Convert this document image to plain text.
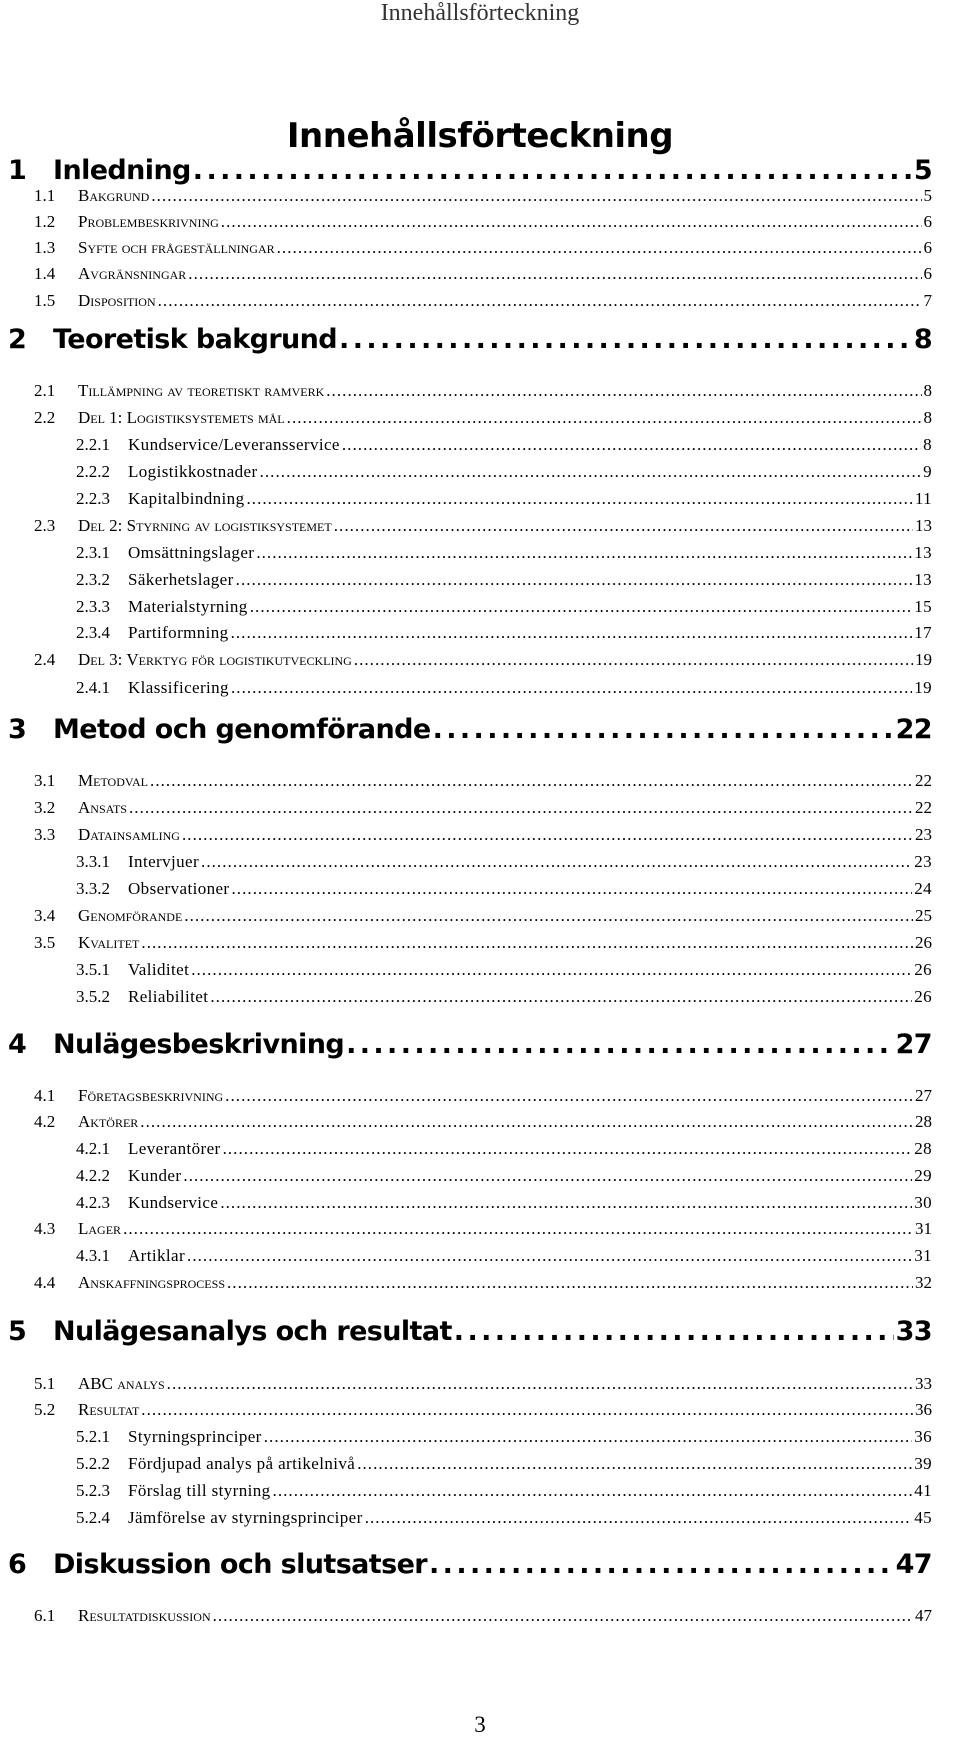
Innehållsförteckning
Innehållsförteckning
1 Inledning . . .	5
1.1	Bakgrund . . .	5
1.2	Problembeskrivning . . .	6
1.3	Syfte och frågeställningar . . .	6
1.4	Avgränsningar . . .	6
1.5	Disposition . . .	7
2 Teoretisk bakgrund . . .	8
2.1	Tillämpning av teoretiskt ramverk . . .	8
2.2	Del 1: Logistiksystemets mål . . .	8
2.2.1	Kundservice/Leveransservice . . .	8
2.2.2	Logistikkostnader . . .	9
2.2.3	Kapitalbindning . . .	11
2.3	Del 2: Styrning av logistiksystemet . . .	13
2.3.1	Omsättningslager . . .	13
2.3.2	Säkerhetslager . . .	13
2.3.3	Materialstyrning . . .	15
2.3.4	Partiformning . . .	17
2.4	Del 3: Verktyg för logistikutveckling . . .	19
2.4.1	Klassificering . . .	19
3 Metod och genomförande . . .	22
3.1	Metodval . . .	22
3.2	Ansats . . .	22
3.3	Datainsamling . . .	23
3.3.1	Intervjuer . . .	23
3.3.2	Observationer . . .	24
3.4	Genomförande . . .	25
3.5	Kvalitet . . .	26
3.5.1	Validitet . . .	26
3.5.2	Reliabilitet . . .	26
4 Nulägesbeskrivning . . .	27
4.1	Företagsbeskrivning . . .	27
4.2	Aktörer . . .	28
4.2.1	Leverantörer . . .	28
4.2.2	Kunder . . .	29
4.2.3	Kundservice . . .	30
4.3	Lager . . .	31
4.3.1	Artiklar . . .	31
4.4	Anskaffningsprocess . . .	32
5 Nulägesanalys och resultat . . .	33
5.1	ABC analys . . .	33
5.2	Resultat . . .	36
5.2.1	Styrningsprinciper . . .	36
5.2.2	Fördjupad analys på artikelnivå . . .	39
5.2.3	Förslag till styrning . . .	41
5.2.4	Jämförelse av styrningsprinciper . . .	45
6 Diskussion och slutsatser . . .	47
6.1	Resultatdiskussion . . .	47
3
